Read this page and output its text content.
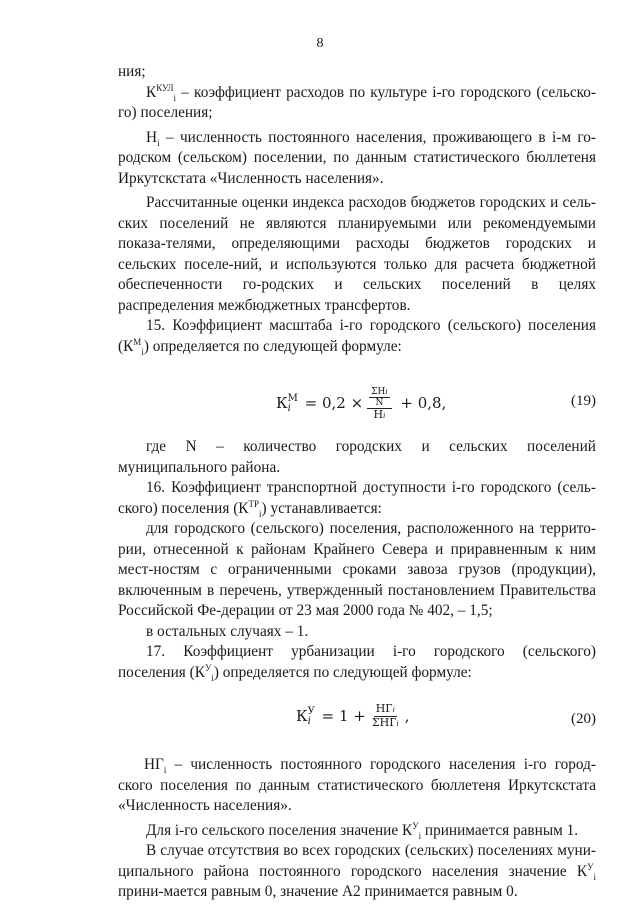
8

ния;

$К^{КУЛ}_i$ – коэффициент расходов по культуре i-го городского (сельско-го) поселения;

$Н_i$ – численность постоянного населения, проживающего в i-м го-родском (сельском) поселении, по данным статистического бюллетеня Иркутскстата «Численность населения».

Рассчитанные оценки индекса расходов бюджетов городских и сель-ских поселений не являются планируемыми или рекомендуемыми показа-телями, определяющими расходы бюджетов городских и сельских поселе-ний, и используются только для расчета бюджетной обеспеченности го-родских и сельских поселений в целях распределения межбюджетных трансфертов.

15. Коэффициент масштаба i-го городского (сельского) поселения $(К^М_i)$ определяется по следующей формуле:

К М
i = 0,2 × ΣНi
N
Нi + 0,8,	(19)

где N – количество городских и сельских поселений муниципального района.

16. Коэффициент транспортной доступности i-го городского (сель-ского) поселения $(К^{ТР}_i)$ устанавливается:

для городского (сельского) поселения, расположенного на террито-рии, отнесенной к районам Крайнего Севера и приравненным к ним мест-ностям с ограниченными сроками завоза грузов (продукции), включенным в перечень, утвержденный постановлением Правительства Российской Фе-дерации от 23 мая 2000 года № 402, – 1,5;

в остальных случаях – 1.

17. Коэффициент урбанизации i-го городского (сельского) поселения $(К^У_i)$ определяется по следующей формуле:

К У
$i = 1 + \frac{\text{НГi}}{\text{ΣНГi}}$ ,	(20)

$НГ_i$ – численность постоянного городского населения i-го город-ского поселения по данным статистического бюллетеня Иркутскстата «Численность населения».

Для i-го сельского поселения значение $К^У_i$ принимается равным 1.

В случае отсутствия во всех городских (сельских) поселениях муни-ципального района постоянного городского населения значение $К^У_i$ прини-мается равным 0, значение А2 принимается равным 0.
